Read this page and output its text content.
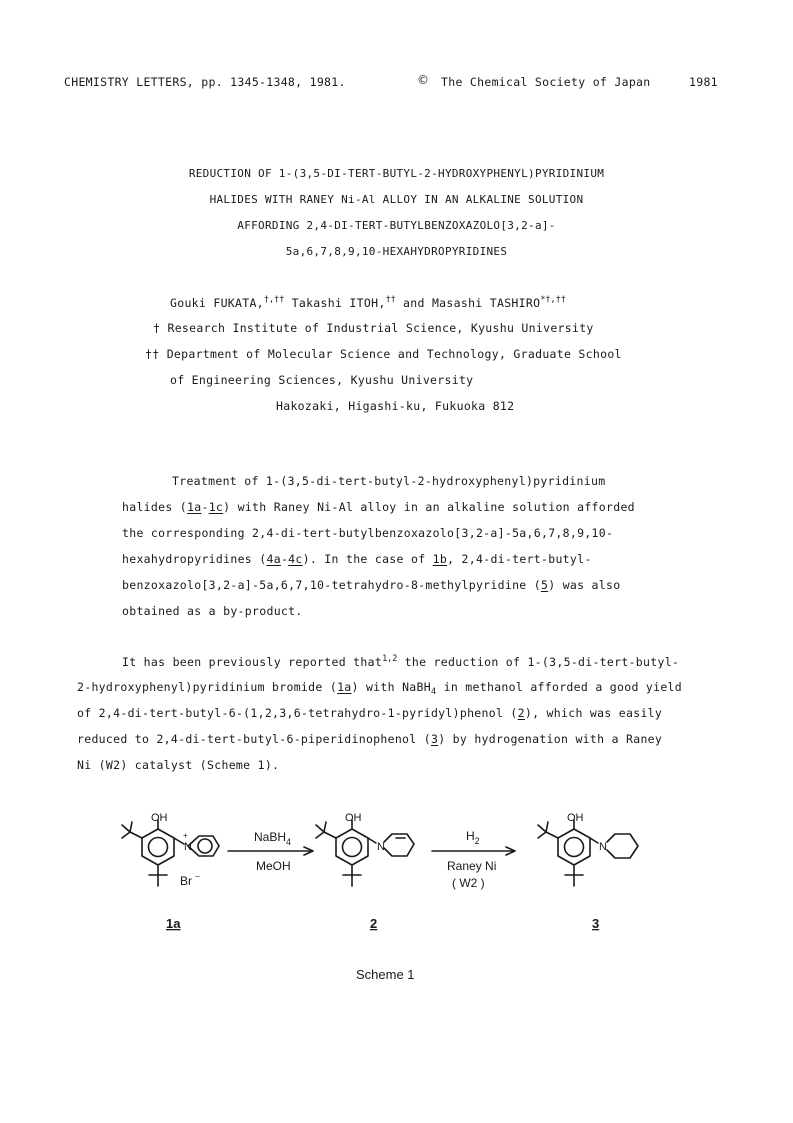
CHEMISTRY LETTERS, pp. 1345-1348, 1981.	© The Chemical Society of Japan	1981
REDUCTION OF 1-(3,5-DI-TERT-BUTYL-2-HYDROXYPHENYL)PYRIDINIUM
HALIDES WITH RANEY Ni-Al ALLOY IN AN ALKALINE SOLUTION
AFFORDING 2,4-DI-TERT-BUTYLBENZOXAZOLO[3,2-a]-
5a,6,7,8,9,10-HEXAHYDROPYRIDINES
Gouki FUKATA,†,†† Takashi ITOH,†† and Masashi TASHIRO*†,††
† Research Institute of Industrial Science, Kyushu University
†† Department of Molecular Science and Technology, Graduate School
of Engineering Sciences, Kyushu University
Hakozaki, Higashi-ku, Fukuoka 812
Treatment of 1-(3,5-di-tert-butyl-2-hydroxyphenyl)pyridinium
halides (1a-1c) with Raney Ni-Al alloy in an alkaline solution afforded
the corresponding 2,4-di-tert-butylbenzoxazolo[3,2-a]-5a,6,7,8,9,10-
hexahydropyridines (4a-4c). In the case of 1b, 2,4-di-tert-butyl-
benzoxazolo[3,2-a]-5a,6,7,10-tetrahydro-8-methylpyridine (5) was also
obtained as a by-product.
It has been previously reported that$^{1,2}$ the reduction of 1-(3,5-di-tert-butyl-
2-hydroxyphenyl)pyridinium bromide (1a) with NaBH$_4$ in methanol afforded a good yield
of 2,4-di-tert-butyl-6-(1,2,3,6-tetrahydro-1-pyridyl)phenol (2), which was easily
reduced to 2,4-di-tert-butyl-6-piperidinophenol (3) by hydrogenation with a Raney
Ni (W2) catalyst (Scheme 1).
OH
N
+
Br −
OH
N
OH
N
NaBH$_4$
MeOH
$H_2$
Raney Ni
( W2 )
1a	2	3
Scheme 1
